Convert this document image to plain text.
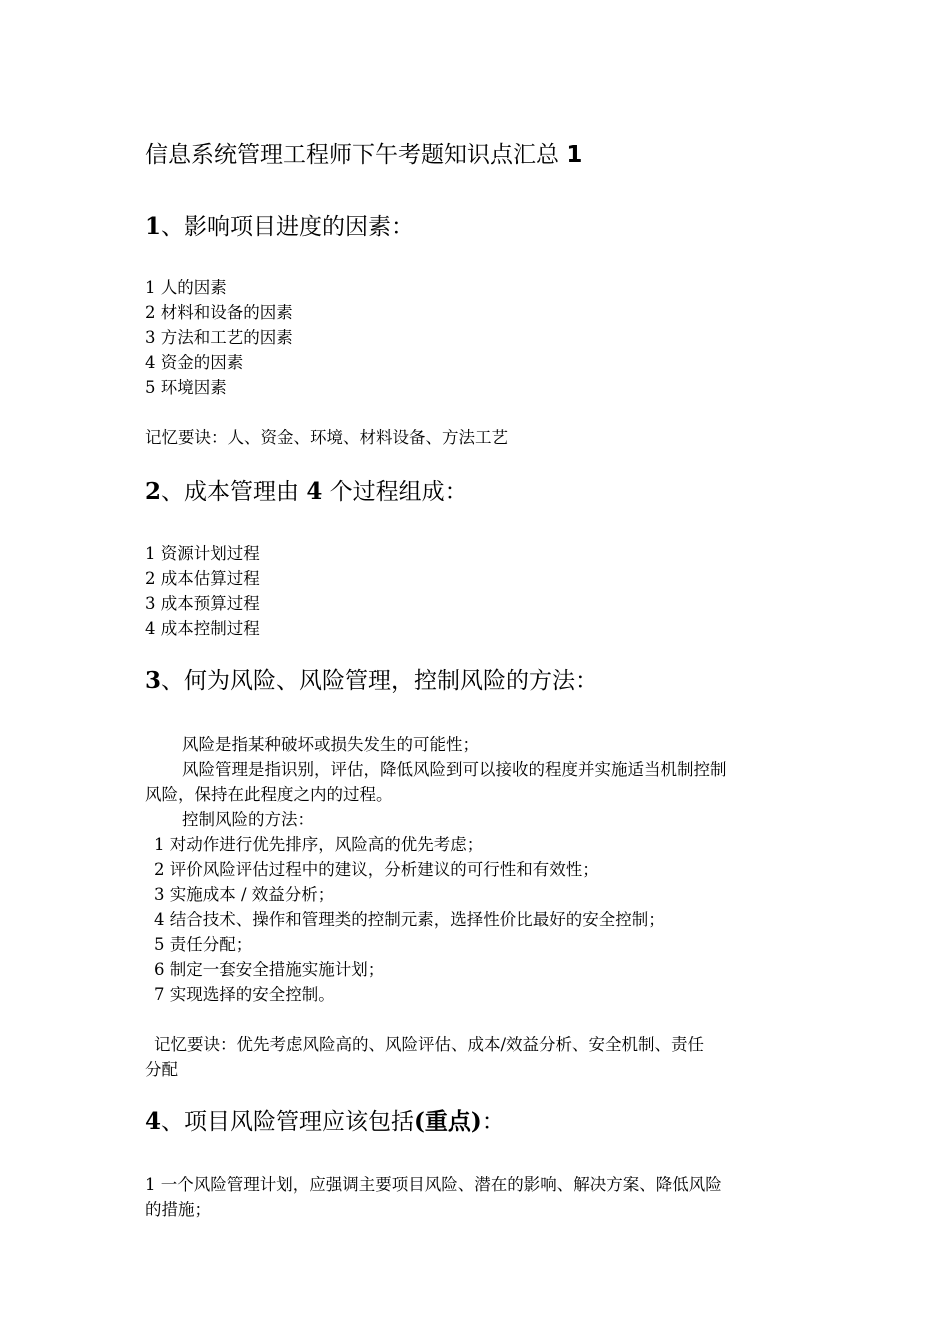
信息系统管理工程师下午考题知识点汇总 1
1、影响项目进度的因素：

1 人的因素

2 材料和设备的因素

3 方法和工艺的因素

4 资金的因素

5 环境因素

记忆要诀：人、资金、环境、材料设备、方法工艺

2、成本管理由 4 个过程组成：

1 资源计划过程

2 成本估算过程

3 成本预算过程

4 成本控制过程

3、何为风险、风险管理，控制风险的方法：

风险是指某种破坏或损失发生的可能性；

风险管理是指识别，评估，降低风险到可以接收的程度并实施适当机制控制

风险，保持在此程度之内的过程。

控制风险的方法：

1 对动作进行优先排序，风险高的优先考虑；

2 评价风险评估过程中的建议，分析建议的可行性和有效性；

3 实施成本 / 效益分析；

4 结合技术、操作和管理类的控制元素，选择性价比最好的安全控制；

5 责任分配；

6 制定一套安全措施实施计划；

7 实现选择的安全控制。

记忆要诀：优先考虑风险高的、风险评估、成本/效益分析、安全机制、责任

分配

4、项目风险管理应该包括(重点)：

1 一个风险管理计划，应强调主要项目风险、潜在的影响、解决方案、降低风险

的措施；
